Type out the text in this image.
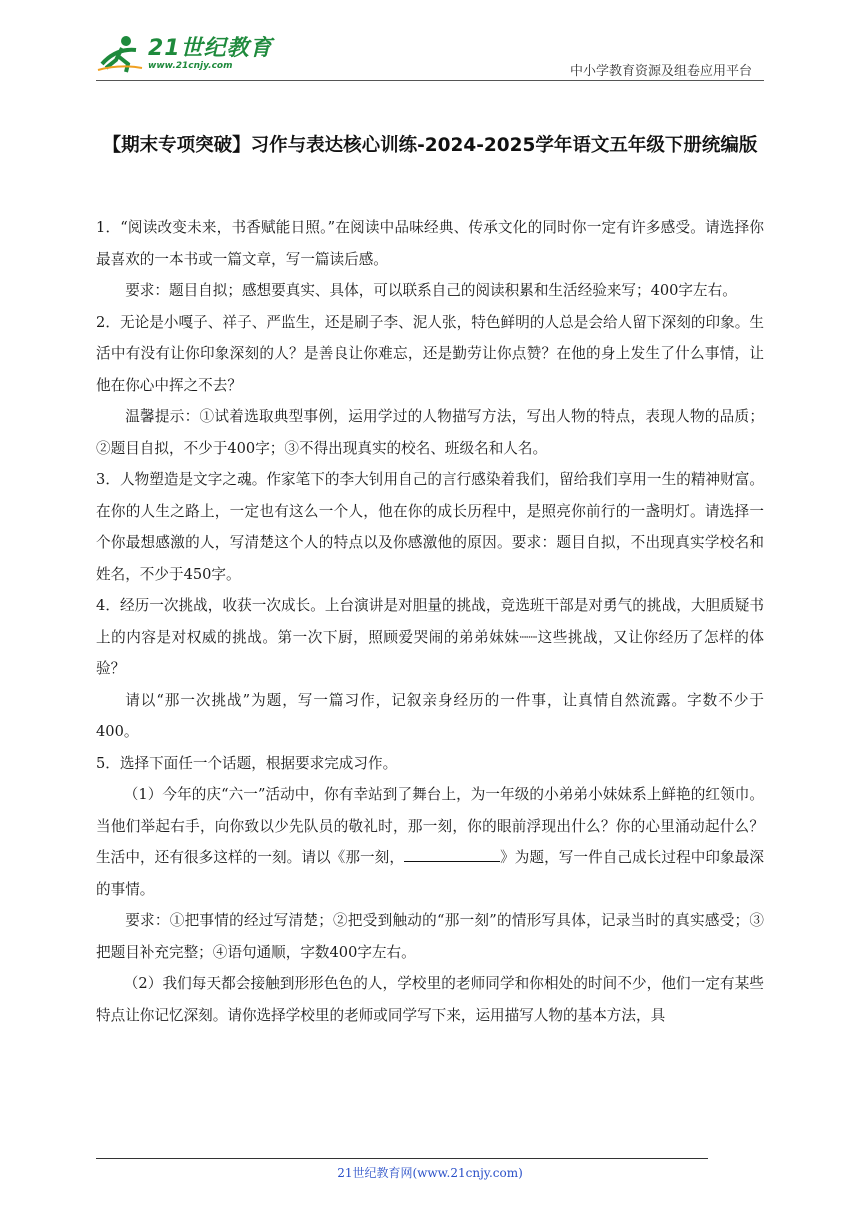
21世纪教育
www.21cnjy.com	中小学教育资源及组卷应用平台
【期末专项突破】习作与表达核心训练-2024-2025学年语文五年级下册统编版

1．“阅读改变未来，书香赋能日照。”在阅读中品味经典、传承文化的同时你一定有许多感受。请选择你最喜欢的一本书或一篇文章，写一篇读后感。

要求：题目自拟；感想要真实、具体，可以联系自己的阅读积累和生活经验来写；400字左右。

2．无论是小嘎子、祥子、严监生，还是刷子李、泥人张，特色鲜明的人总是会给人留下深刻的印象。生活中有没有让你印象深刻的人？是善良让你难忘，还是勤劳让你点赞？在他的身上发生了什么事情，让他在你心中挥之不去？

温馨提示：①试着选取典型事例，运用学过的人物描写方法，写出人物的特点，表现人物的品质；②题目自拟，不少于400字；③不得出现真实的校名、班级名和人名。

3．人物塑造是文字之魂。作家笔下的李大钊用自己的言行感染着我们，留给我们享用一生的精神财富。在你的人生之路上，一定也有这么一个人，他在你的成长历程中，是照亮你前行的一盏明灯。请选择一个你最想感激的人，写清楚这个人的特点以及你感激他的原因。要求：题目自拟，不出现真实学校名和姓名，不少于450字。

4．经历一次挑战，收获一次成长。上台演讲是对胆量的挑战，竞选班干部是对勇气的挑战，大胆质疑书上的内容是对权威的挑战。第一次下厨，照顾爱哭闹的弟弟妹妹┈┈这些挑战，又让你经历了怎样的体验？

请以“那一次挑战”为题，写一篇习作，记叙亲身经历的一件事，让真情自然流露。字数不少于400。

5．选择下面任一个话题，根据要求完成习作。

（1）今年的庆“六一”活动中，你有幸站到了舞台上，为一年级的小弟弟小妹妹系上鲜艳的红领巾。当他们举起右手，向你致以少先队员的敬礼时，那一刻，你的眼前浮现出什么？你的心里涌动起什么？生活中，还有很多这样的一刻。请以《那一刻，	》为题，写一件自己成长过程中印象最深的事情。

要求：①把事情的经过写清楚；②把受到触动的“那一刻”的情形写具体，记录当时的真实感受；③把题目补充完整；④语句通顺，字数400字左右。

（2）我们每天都会接触到形形色色的人，学校里的老师同学和你相处的时间不少，他们一定有某些特点让你记忆深刻。请你选择学校里的老师或同学写下来，运用描写人物的基本方法，具

21世纪教育网(www.21cnjy.com)
